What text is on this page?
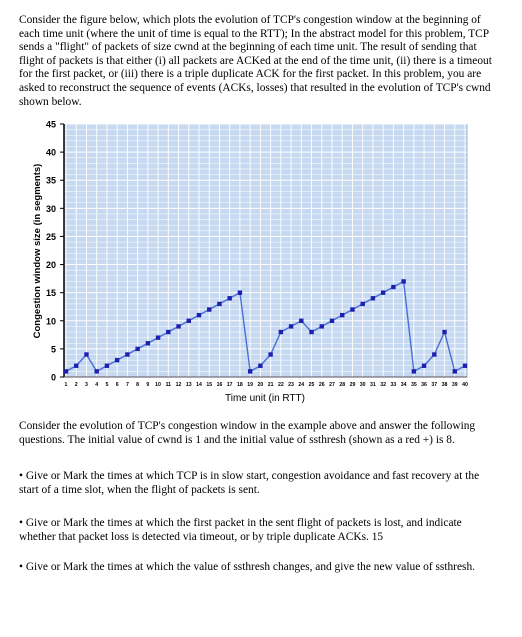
Consider the figure below, which plots the evolution of TCP's congestion window at the beginning of each time unit (where the unit of time is equal to the RTT); In the abstract model for this problem, TCP sends a "flight" of packets of size cwnd at the beginning of each time unit. The result of sending that flight of packets is that either (i) all packets are ACKed at the end of the time unit, (ii) there is a timeout for the first packet, or (iii) there is a triple duplicate ACK for the first packet. In this problem, you are asked to reconstruct the sequence of events (ACKs, losses) that resulted in the evolution of TCP's cwnd shown below.

0
5
10
15
20
25
30
35
40
45
1 2 3 4 5 6 7 8 9 10 11 12 13 14 15 16 17 18 19 20 21 22 23 24 25 26 27 28 29 30 31 32 33 34 35 36 37 38 39 40
Congestion window size (in segments)
Time unit (in RTT)

Consider the evolution of TCP's congestion window in the example above and answer the following questions. The initial value of cwnd is 1 and the initial value of ssthresh (shown as a red +) is 8.

• Give or Mark the times at which TCP is in slow start, congestion avoidance and fast recovery at the start of a time slot, when the flight of packets is sent.

• Give or Mark the times at which the first packet in the sent flight of packets is lost, and indicate whether that packet loss is detected via timeout, or by triple duplicate ACKs. 15

• Give or Mark the times at which the value of ssthresh changes, and give the new value of ssthresh.
